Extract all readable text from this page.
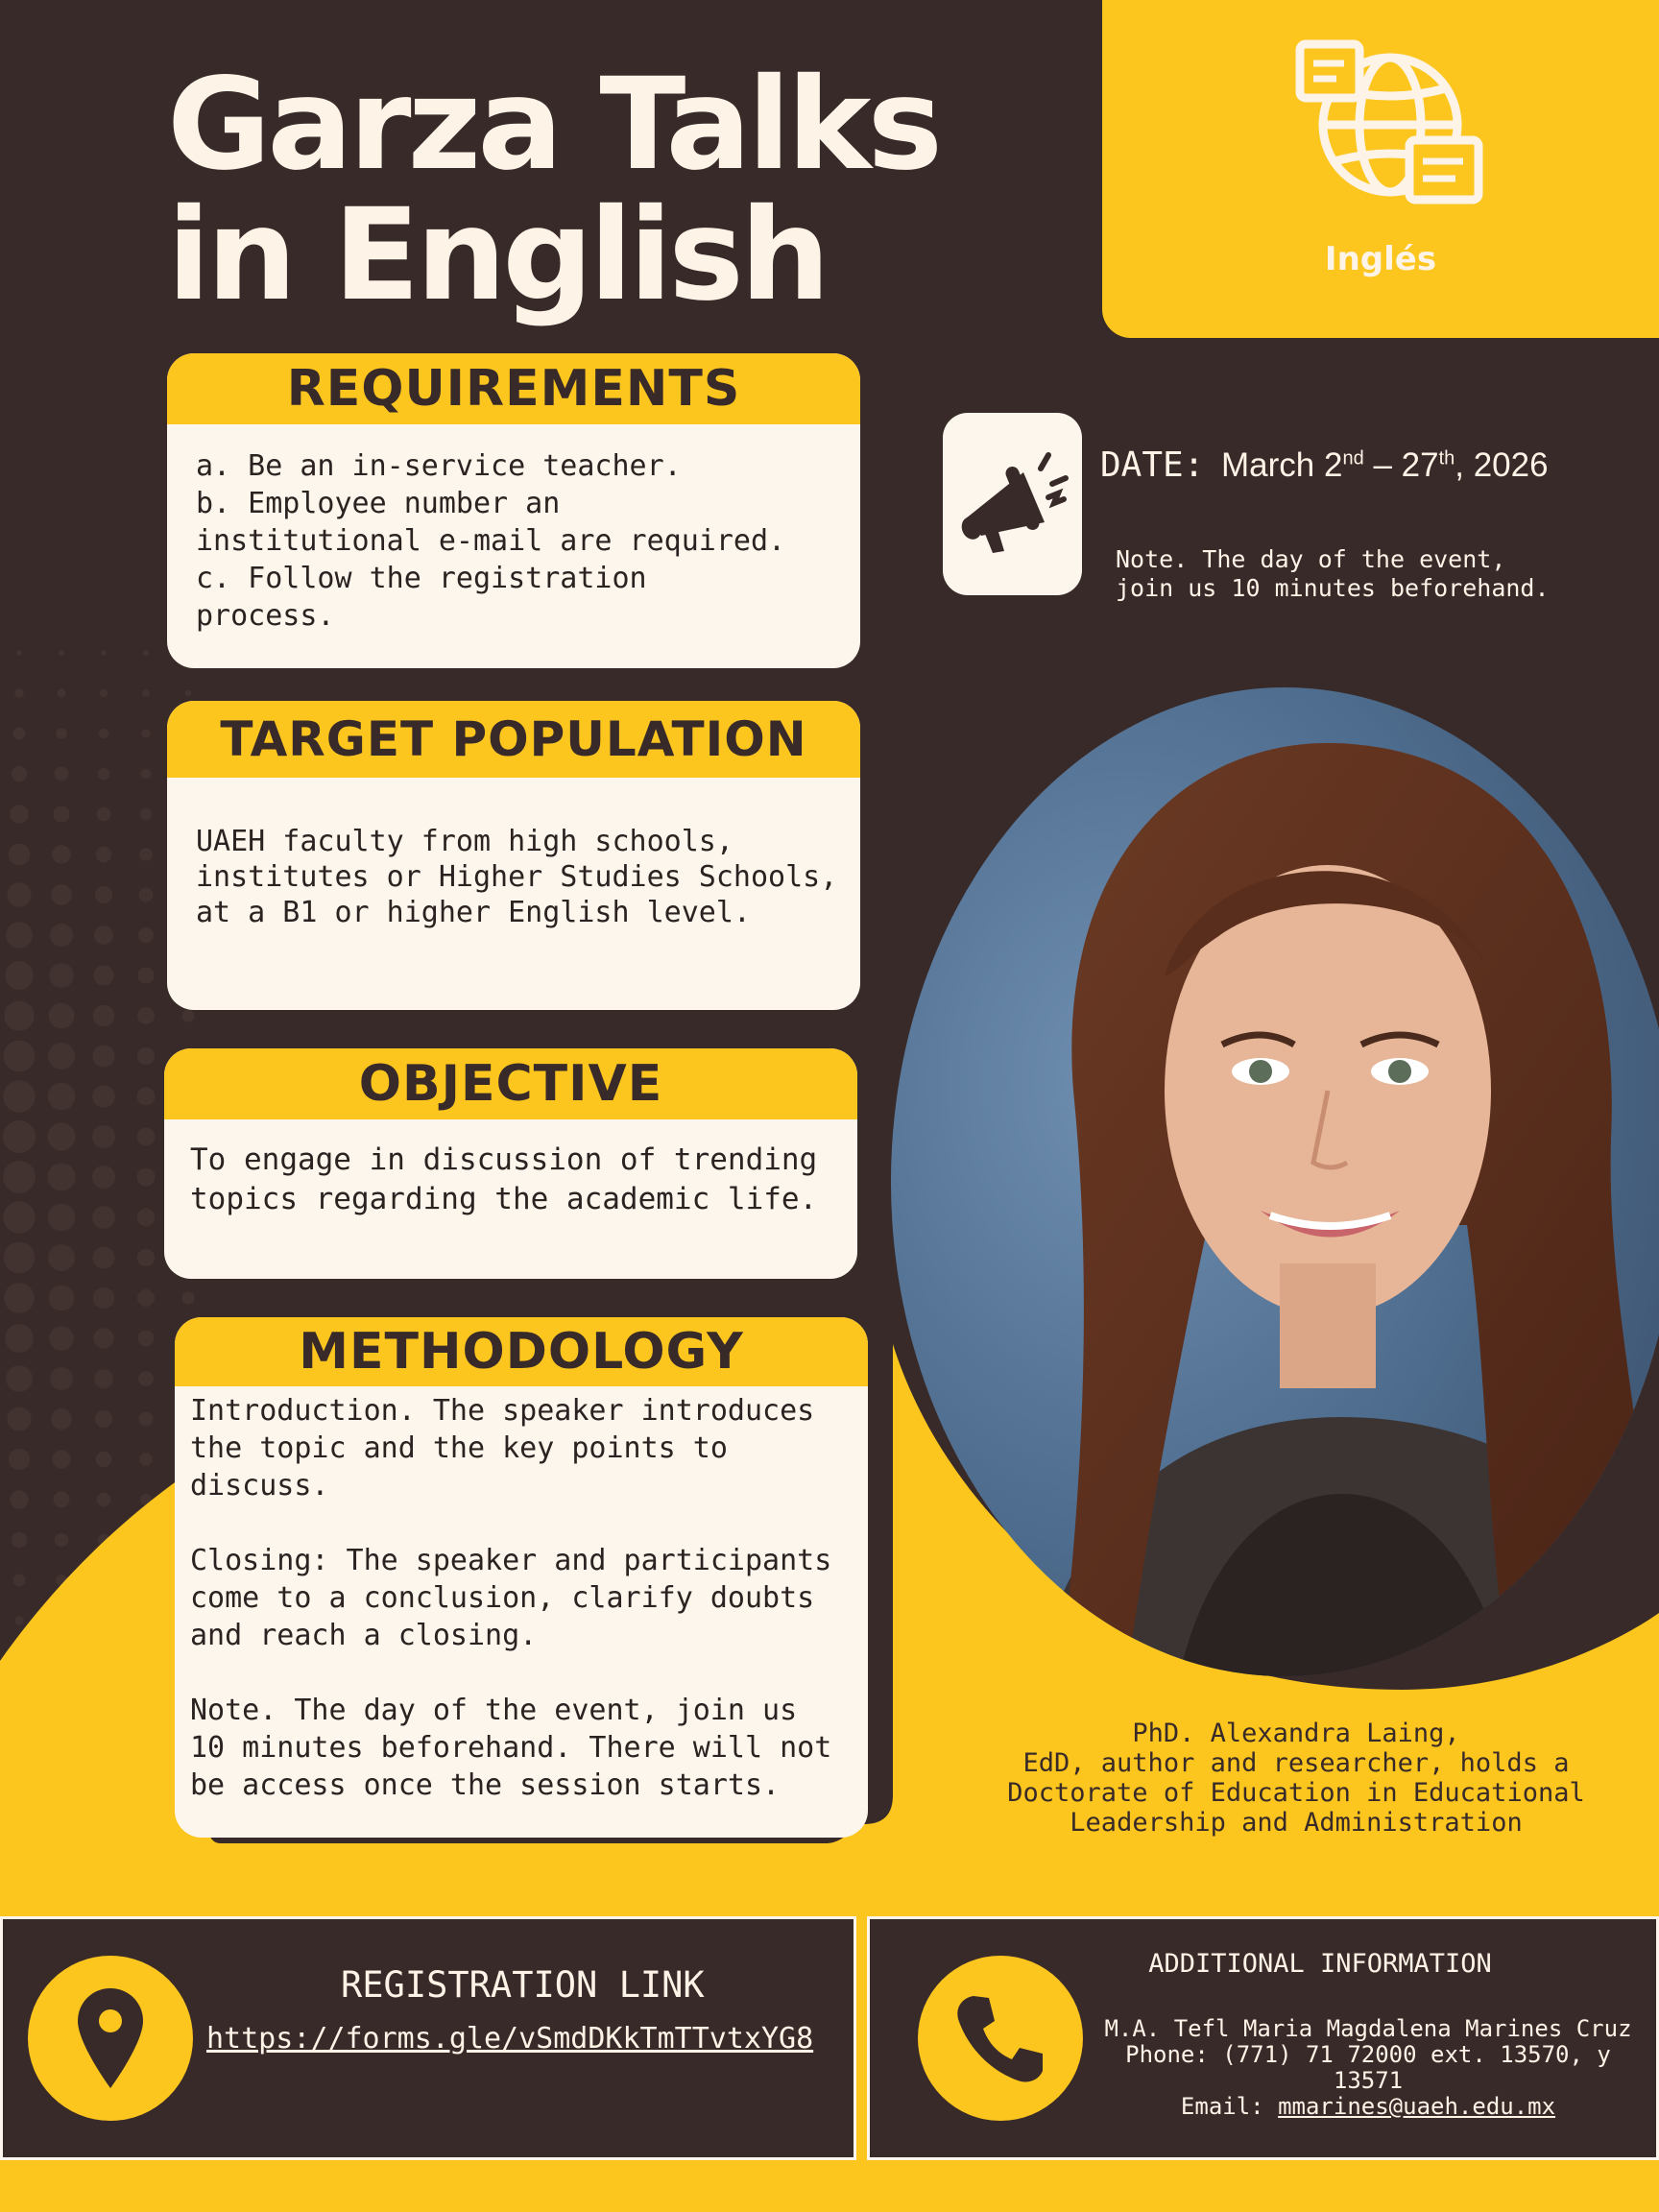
Garza Talks
in English	Inglés
REQUIREMENTS

a. Be an in-service teacher.
b. Employee number an
institutional e-mail are required.
c. Follow the registration
process.

TARGET POPULATION

UAEH faculty from high schools,
institutes or Higher Studies Schools,
at a B1 or higher English level.

OBJECTIVE

To engage in discussion of trending
topics regarding the academic life.

METHODOLOGY

Introduction. The speaker introduces
the topic and the key points to
discuss.

Closing: The speaker and participants
come to a conclusion, clarify doubts
and reach a closing.

Note. The day of the event, join us
10 minutes beforehand. There will not
be access once the session starts.

DATE: March 2nd – 27th, 2026

Note. The day of the event,
join us 10 minutes beforehand.

PhD. Alexandra Laing,
EdD, author and researcher, holds a
Doctorate of Education in Educational
Leadership and Administration

REGISTRATION LINK
https://forms.gle/vSmdDKkTmTTvtxYG8
ADDITIONAL INFORMATION
M.A. Tefl Maria Magdalena Marines Cruz
Phone: (771) 71 72000 ext. 13570, y 13571
Email: mmarines@uaeh.edu.mx
